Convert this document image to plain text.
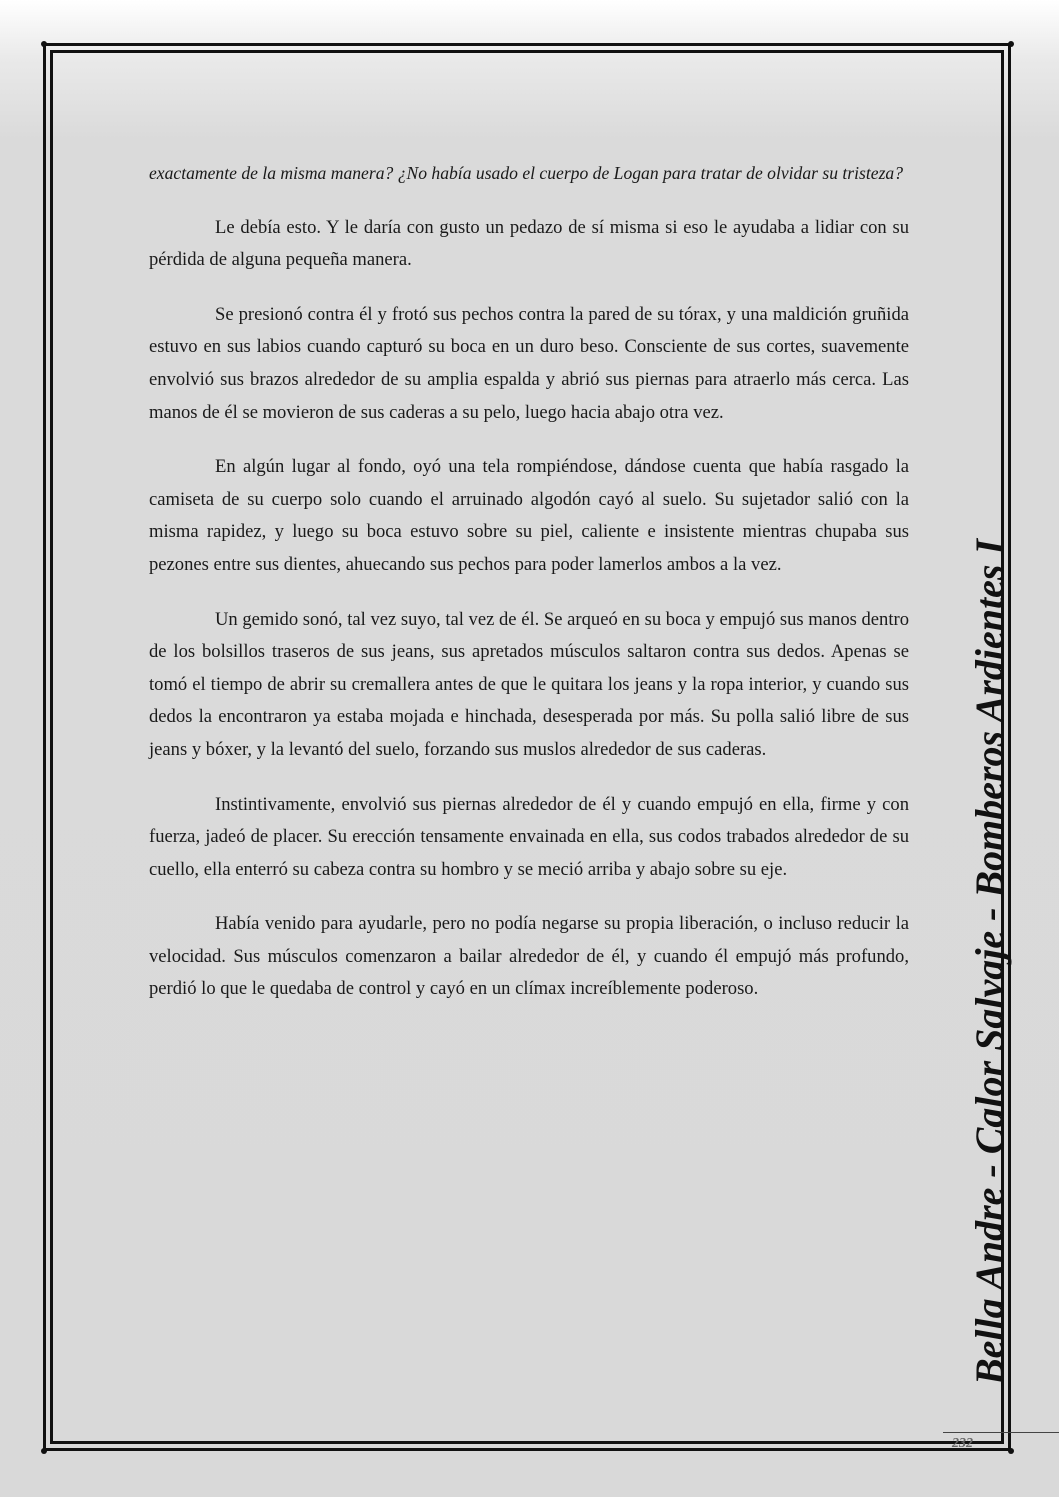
exactamente de la misma manera? ¿No había usado el cuerpo de Logan para tratar de olvidar su tristeza?

Le debía esto. Y le daría con gusto un pedazo de sí misma si eso le ayudaba a lidiar con su pérdida de alguna pequeña manera.

Se presionó contra él y frotó sus pechos contra la pared de su tórax, y una maldición gruñida estuvo en sus labios cuando capturó su boca en un duro beso. Consciente de sus cortes, suavemente envolvió sus brazos alrededor de su amplia espalda y abrió sus piernas para atraerlo más cerca. Las manos de él se movieron de sus caderas a su pelo, luego hacia abajo otra vez.

En algún lugar al fondo, oyó una tela rompiéndose, dándose cuenta que había rasgado la camiseta de su cuerpo solo cuando el arruinado algodón cayó al suelo. Su sujetador salió con la misma rapidez, y luego su boca estuvo sobre su piel, caliente e insistente mientras chupaba sus pezones entre sus dientes, ahuecando sus pechos para poder lamerlos ambos a la vez.

Un gemido sonó, tal vez suyo, tal vez de él. Se arqueó en su boca y empujó sus manos dentro de los bolsillos traseros de sus jeans, sus apretados músculos saltaron contra sus dedos. Apenas se tomó el tiempo de abrir su cremallera antes de que le quitara los jeans y la ropa interior, y cuando sus dedos la encontraron ya estaba mojada e hinchada, desesperada por más. Su polla salió libre de sus jeans y bóxer, y la levantó del suelo, forzando sus muslos alrededor de sus caderas.

Instintivamente, envolvió sus piernas alrededor de él y cuando empujó en ella, firme y con fuerza, jadeó de placer. Su erección tensamente envainada en ella, sus codos trabados alrededor de su cuello, ella enterró su cabeza contra su hombro y se meció arriba y abajo sobre su eje.

Había venido para ayudarle, pero no podía negarse su propia liberación, o incluso reducir la velocidad. Sus músculos comenzaron a bailar alrededor de él, y cuando él empujó más profundo, perdió lo que le quedaba de control y cayó en un clímax increíblemente poderoso.	Bella Andre - Calor Salvaje - Bomberos Ardientes I
232
